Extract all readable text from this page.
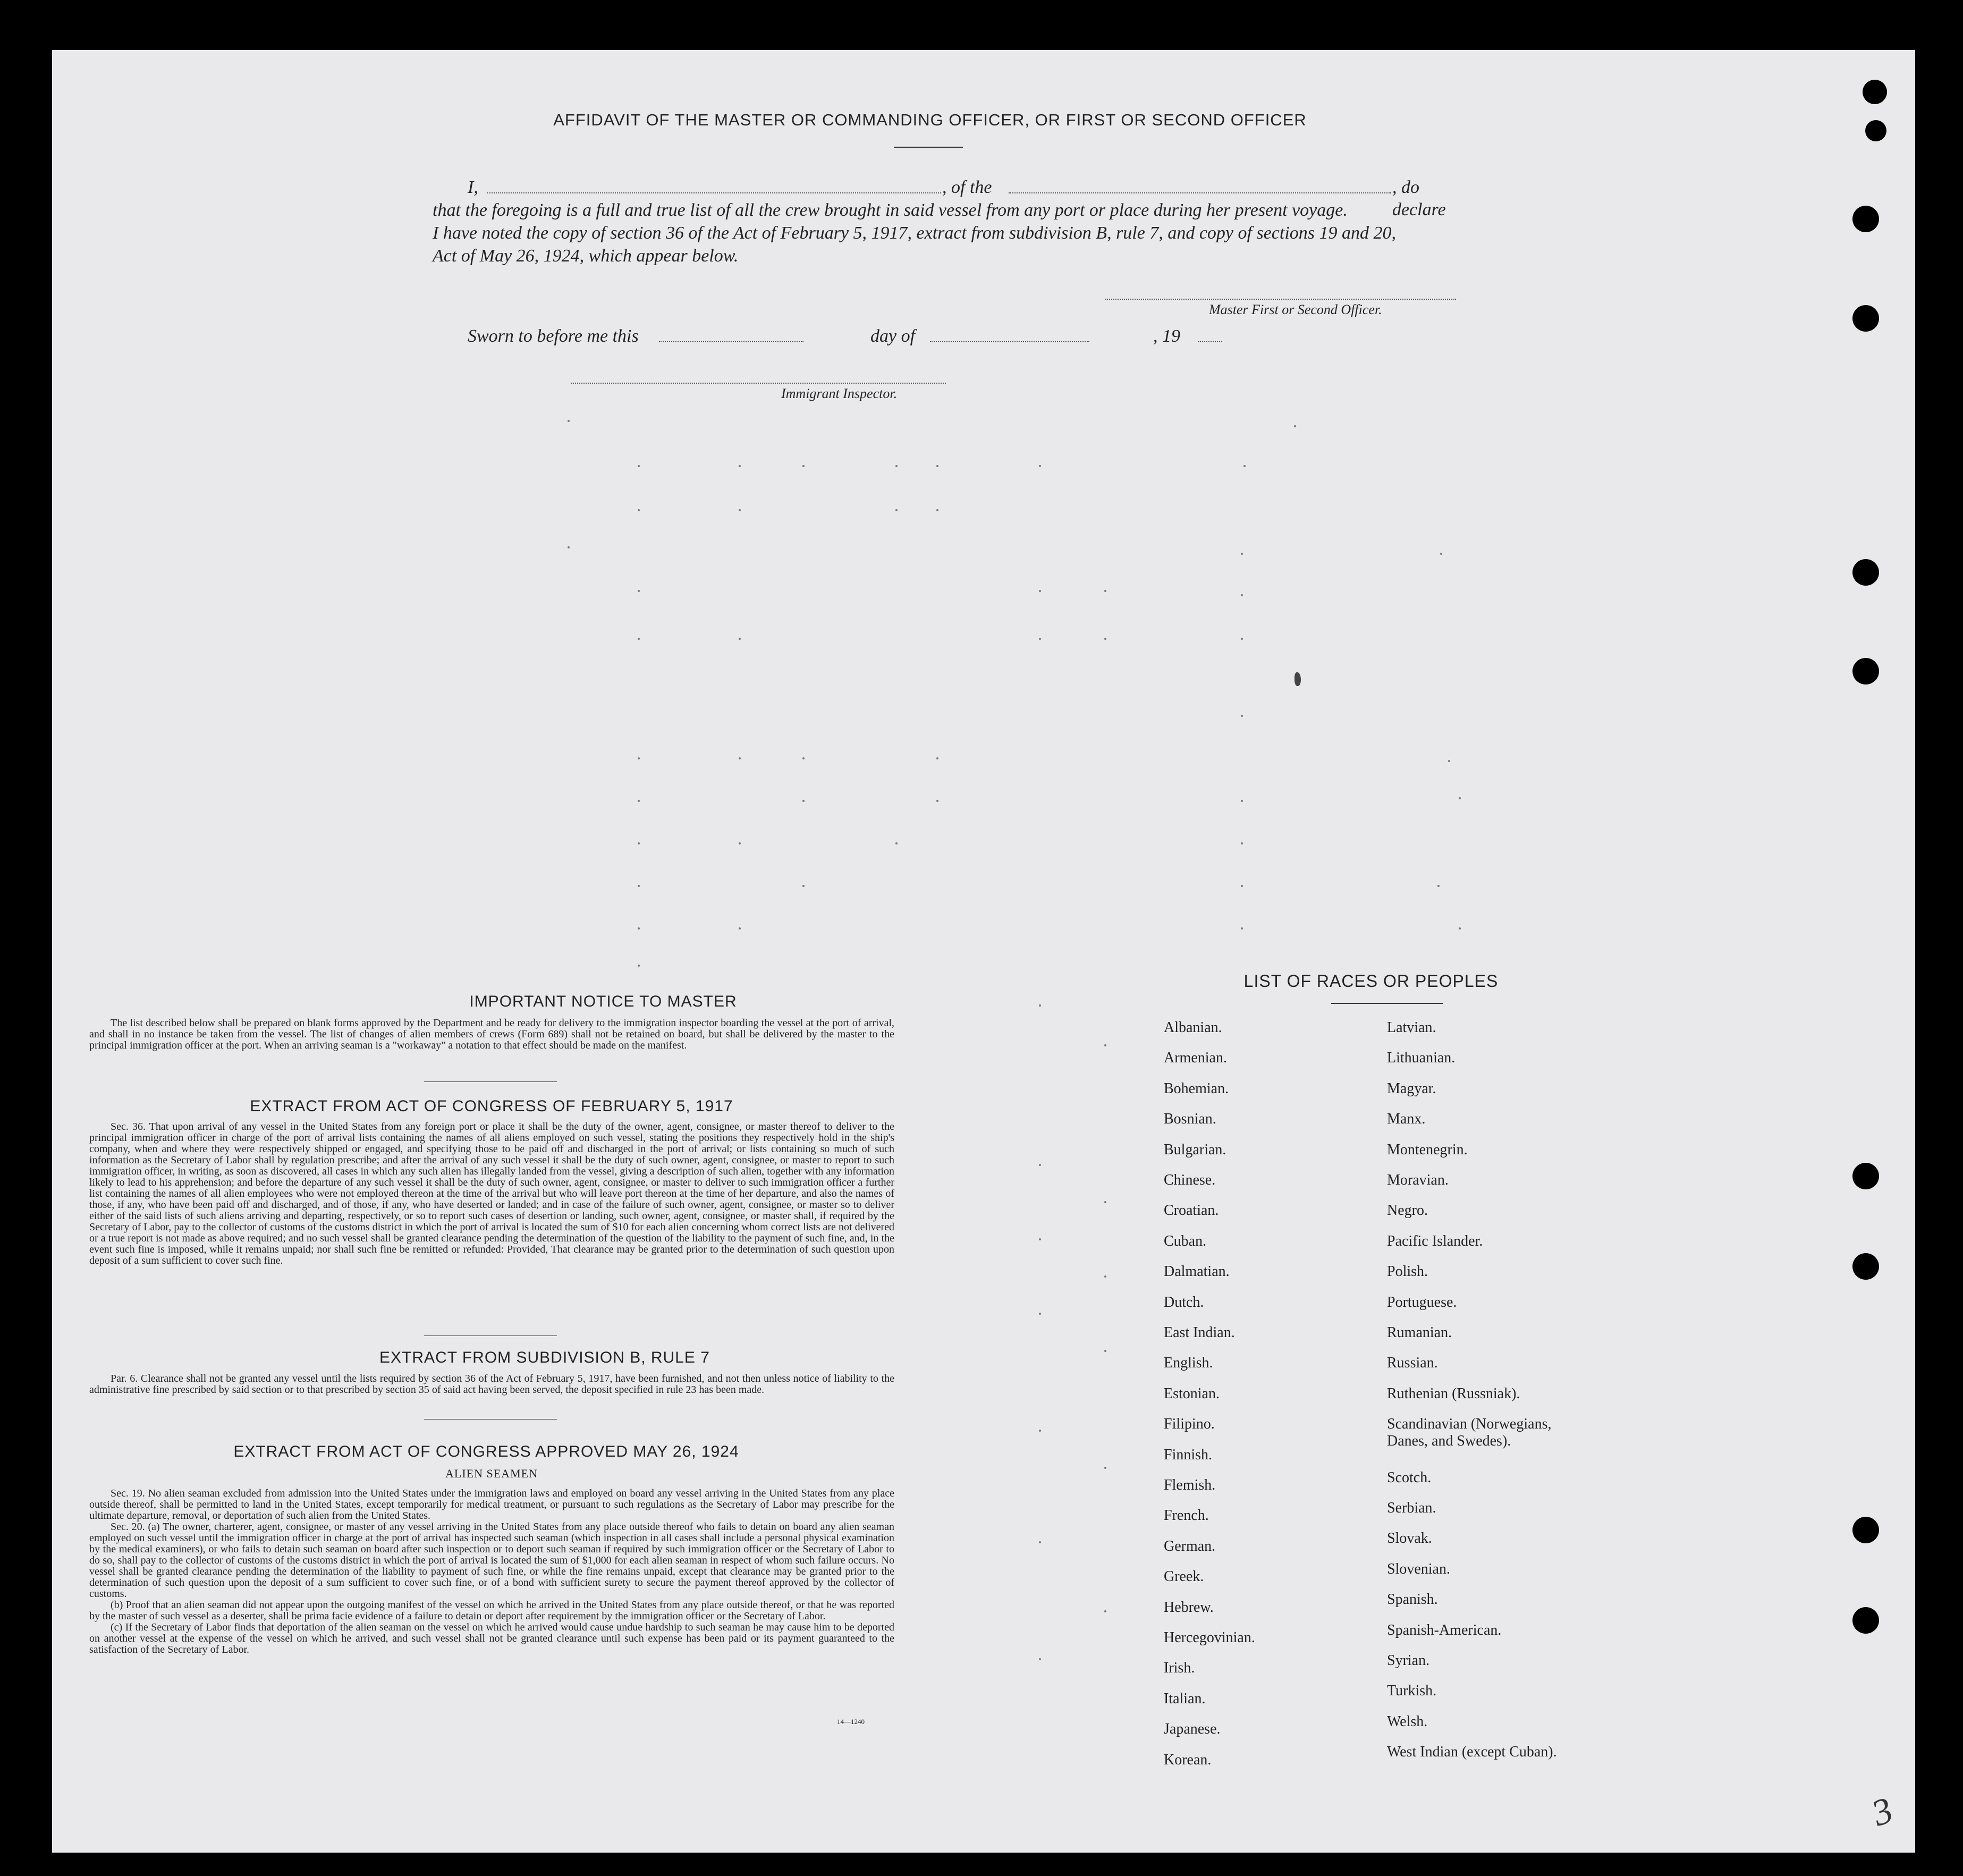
AFFIDAVIT OF THE MASTER OR COMMANDING OFFICER, OR FIRST OR SECOND OFFICER
I,	, of the	, do declare
that the foregoing is a full and true list of all the crew brought in said vessel from any port or place during her present voyage.
I have noted the copy of section 36 of the Act of February 5, 1917, extract from subdivision B, rule 7, and copy of sections 19 and 20,
Act of May 26, 1924, which appear below.
Master First or Second Officer.
Sworn to before me this	day of	, 19
Immigrant Inspector.
IMPORTANT NOTICE TO MASTER

The list described below shall be prepared on blank forms approved by the Department and be ready for delivery to the immigration inspector boarding the vessel at the port of arrival, and shall in no instance be taken from the vessel. The list of changes of alien members of crews (Form 689) shall not be retained on board, but shall be delivered by the master to the principal immigration officer at the port. When an arriving seaman is a "workaway" a notation to that effect should be made on the manifest.

EXTRACT FROM ACT OF CONGRESS OF FEBRUARY 5, 1917

Sec. 36. That upon arrival of any vessel in the United States from any foreign port or place it shall be the duty of the owner, agent, consignee, or master thereof to deliver to the principal immigration officer in charge of the port of arrival lists containing the names of all aliens employed on such vessel, stating the positions they respectively hold in the ship's company, when and where they were respectively shipped or engaged, and specifying those to be paid off and discharged in the port of arrival; or lists containing so much of such information as the Secretary of Labor shall by regulation prescribe; and after the arrival of any such vessel it shall be the duty of such owner, agent, consignee, or master to report to such immigration officer, in writing, as soon as discovered, all cases in which any such alien has illegally landed from the vessel, giving a description of such alien, together with any information likely to lead to his apprehension; and before the departure of any such vessel it shall be the duty of such owner, agent, consignee, or master to deliver to such immigration officer a further list containing the names of all alien employees who were not employed thereon at the time of the arrival but who will leave port thereon at the time of her departure, and also the names of those, if any, who have been paid off and discharged, and of those, if any, who have deserted or landed; and in case of the failure of such owner, agent, consignee, or master so to deliver either of the said lists of such aliens arriving and departing, respectively, or so to report such cases of desertion or landing, such owner, agent, consignee, or master shall, if required by the Secretary of Labor, pay to the collector of customs of the customs district in which the port of arrival is located the sum of $10 for each alien concerning whom correct lists are not delivered or a true report is not made as above required; and no such vessel shall be granted clearance pending the determination of the question of the liability to the payment of such fine, and, in the event such fine is imposed, while it remains unpaid; nor shall such fine be remitted or refunded: Provided, That clearance may be granted prior to the determination of such question upon deposit of a sum sufficient to cover such fine.

EXTRACT FROM SUBDIVISION B, RULE 7

Par. 6. Clearance shall not be granted any vessel until the lists required by section 36 of the Act of February 5, 1917, have been furnished, and not then unless notice of liability to the administrative fine prescribed by said section or to that prescribed by section 35 of said act having been served, the deposit specified in rule 23 has been made.

EXTRACT FROM ACT OF CONGRESS APPROVED MAY 26, 1924
ALIEN SEAMEN

Sec. 19. No alien seaman excluded from admission into the United States under the immigration laws and employed on board any vessel arriving in the United States from any place outside thereof, shall be permitted to land in the United States, except temporarily for medical treatment, or pursuant to such regulations as the Secretary of Labor may prescribe for the ultimate departure, removal, or deportation of such alien from the United States.

Sec. 20. (a) The owner, charterer, agent, consignee, or master of any vessel arriving in the United States from any place outside thereof who fails to detain on board any alien seaman employed on such vessel until the immigration officer in charge at the port of arrival has inspected such seaman (which inspection in all cases shall include a personal physical examination by the medical examiners), or who fails to detain such seaman on board after such inspection or to deport such seaman if required by such immigration officer or the Secretary of Labor to do so, shall pay to the collector of customs of the customs district in which the port of arrival is located the sum of $1,000 for each alien seaman in respect of whom such failure occurs. No vessel shall be granted clearance pending the determination of the liability to payment of such fine, or while the fine remains unpaid, except that clearance may be granted prior to the determination of such question upon the deposit of a sum sufficient to cover such fine, or of a bond with sufficient surety to secure the payment thereof approved by the collector of customs.

(b) Proof that an alien seaman did not appear upon the outgoing manifest of the vessel on which he arrived in the United States from any place outside thereof, or that he was reported by the master of such vessel as a deserter, shall be prima facie evidence of a failure to detain or deport after requirement by the immigration officer or the Secretary of Labor.

(c) If the Secretary of Labor finds that deportation of the alien seaman on the vessel on which he arrived would cause undue hardship to such seaman he may cause him to be deported on another vessel at the expense of the vessel on which he arrived, and such vessel shall not be granted clearance until such expense has been paid or its payment guaranteed to the satisfaction of the Secretary of Labor.

14—1240
LIST OF RACES OR PEOPLES
Albanian.
Armenian.
Bohemian.
Bosnian.
Bulgarian.
Chinese.
Croatian.
Cuban.
Dalmatian.
Dutch.
East Indian.
English.
Estonian.
Filipino.
Finnish.
Flemish.
French.
German.
Greek.
Hebrew.
Hercegovinian.
Irish.
Italian.
Japanese.
Korean.
Latvian.
Lithuanian.
Magyar.
Manx.
Montenegrin.
Moravian.
Negro.
Pacific Islander.
Polish.
Portuguese.
Rumanian.
Russian.
Ruthenian (Russniak).
Scandinavian (Norwegians,
Danes, and Swedes).
Scotch.
Serbian.
Slovak.
Slovenian.
Spanish.
Spanish-American.
Syrian.
Turkish.
Welsh.
West Indian (except Cuban).
3
